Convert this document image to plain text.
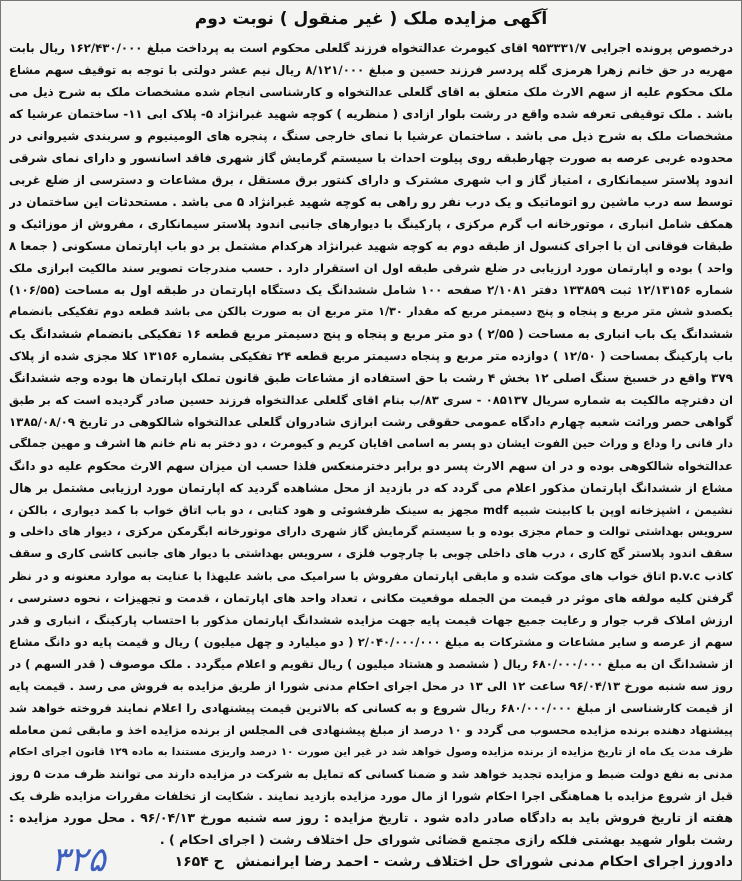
آگهی مزایده ملک ( غیر منقول ) نوبت دوم
درخصوص پرونده اجرایی ۹۵۳۳۳۱/۷ اقای کیومرث عدالتخواه فرزند گلعلی محکوم است به پرداخت مبلغ ۱۶۲/۴۳۰/۰۰۰ ریال بابت
مهریه در حق خانم زهرا هرمزی گله پردسر فرزند حسین و مبلغ ۸/۱۲۱/۰۰۰ ریال نیم عشر دولتی با توجه به توقیف سهم مشاع
ملک محکوم علیه از سهم الارث ملک متعلق به اقای گلعلی عدالتخواه و کارشناسی انجام شده مشخصات ملک به شرح ذیل می
باشد . ملک توقیفی تعرفه شده واقع در رشت بلوار ازادی ( منظریه ) کوچه شهید غبرانژاد ۵- پلاک ابی ۱۱- ساختمان عرشیا که
مشخصات ملک به شرح ذیل می باشد . ساختمان عرشیا با نمای خارجی سنگ ، پنجره های الومینیوم و سربندی شیروانی در
محدوده غربی عرصه به صورت چهارطبقه روی پیلوت احداث با سیستم گرمایش گاز شهری فاقد اسانسور و دارای نمای شرقی
اندود پلاستر سیمانکاری ، امتیاز گاز و اب شهری مشترک و دارای کنتور برق مستقل ، برق مشاعات و دسترسی از ضلع غربی
توسط سه درب ماشین رو اتوماتیک و یک درب نفر رو راهی به کوچه شهید غبرانژاد ۵ می باشد . مستحدثات این ساختمان در
همکف شامل انباری ، موتورخانه اب گرم مرکزی ، پارکینگ با دیوارهای جانبی اندود پلاستر سیمانکاری ، مفروش از موزائیک و
طبقات فوقانی ان با اجرای کنسول از طبقه دوم به کوچه شهید غبرانژاد هرکدام مشتمل بر دو باب اپارتمان مسکونی ( جمعا ۸
واحد ) بوده و اپارتمان مورد ارزیابی در ضلع شرقی طبقه اول ان استقرار دارد . حسب مندرجات تصویر سند مالکیت ابرازی ملک
شماره ۱۲/۱۳۱۵۶ ثبت ۱۳۳۸۵۹ دفتر ۲/۱۰۸۱ صفحه ۱۰۰ شامل ششدانگ یک دستگاه اپارتمان در طبقه اول به مساحت (۱۰۶/۵۵)
یکصدو شش متر مربع و پنجاه و پنج دسیمتر مربع که مقدار ۱/۳۰ متر مربع ان به صورت بالکن می باشد قطعه دوم تفکیکی بانضمام
ششدانگ یک باب انباری به مساحت ( ۲/۵۵ ) دو متر مربع و پنجاه و پنج دسیمتر مربع قطعه ۱۶ تفکیکی بانضمام ششدانگ یک
باب پارکینگ بمساحت ( ۱۲/۵۰ ) دوازده متر مربع و پنجاه دسیمتر مربع قطعه ۲۴ تفکیکی بشماره ۱۳۱۵۶ کلا مجزی شده از پلاک
۳۷۹ واقع در خسبخ سنگ اصلی ۱۲ بخش ۴ رشت با حق استفاده از مشاعات طبق قانون تملک اپارتمان ها بوده وجه ششدانگ
ان دفترچه مالکیت به شماره سریال ۰۸۵۱۳۷ - سری ۸۳/ب بنام اقای گلعلی عدالتخواه فرزند حسین صادر گردیده است که بر طبق
گواهی حصر وراثت شعبه چهارم دادگاه عمومی حقوقی رشت ابرازی شادروان گلعلی عدالتخواه شالکوهی در تاریخ ۱۳۸۵/۰۸/۰۹
دار فانی را وداع و وراث حین الفوت ایشان دو پسر به اسامی اقایان کریم و کیومرث ، دو دختر به نام خانم ها اشرف و مهین جملگی
عدالتخواه شالکوهی بوده و در ان سهم الارث پسر دو برابر دخترمنعکس فلذا حسب ان میزان سهم الارث محکوم علیه دو دانگ
مشاع از ششدانگ اپارتمان مذکور اعلام می گردد که در بازدید از محل مشاهده گردید که اپارتمان مورد ارزیابی مشتمل بر هال
نشیمن ، اشپزخانه اوپن با کابینت شبیه mdf مجهز به سینک ظرفشوئی و هود کتابی ، دو باب اتاق خواب با کمد دیواری ، بالکن ،
سرویس بهداشتی توالت و حمام مجزی بوده و با سیستم گرمایش گاز شهری دارای موتورخانه ابگرمکن مرکزی ، دیوار های داخلی و
سقف اندود پلاستر گچ کاری ، درب های داخلی چوبی با چارچوب فلزی ، سرویس بهداشتی با دیوار های جانبی کاشی کاری و سقف
کاذب p.v.c اتاق خواب های موکت شده و مابقی اپارتمان مفروش با سرامیک می باشد علیهذا با عنایت به موارد معنونه و در نظر
گرفتن کلیه مولفه های موثر در قیمت من الجمله موقعیت مکانی ، تعداد واحد های اپارتمان ، قدمت و تجهیزات ، نحوه دسترسی ،
ارزش املاک قرب جوار و رعایت جمیع جهات قیمت پایه جهت مزایده ششدانگ اپارتمان مذکور با احتساب پارکینگ ، انباری و قدر
سهم از عرصه و سایر مشاعات و مشترکات به مبلغ ۲/۰۴۰/۰۰۰/۰۰۰ ( دو میلیارد و چهل میلیون ) ریال و قیمت پایه دو دانگ مشاع
از ششدانگ ان به مبلغ ۶۸۰/۰۰۰/۰۰۰ ریال ( ششصد و هشتاد میلیون ) ریال تقویم و اعلام میگردد . ملک موصوف ( قدر السهم ) در
روز سه شنبه مورخ ۹۶/۰۴/۱۳ ساعت ۱۲ الی ۱۳ در محل اجرای احکام مدنی شورا از طریق مزایده به فروش می رسد . قیمت پایه
از قیمت کارشناسی از مبلغ ۶۸۰/۰۰۰/۰۰۰ ریال شروع و به کسانی که بالاترین قیمت پیشنهادی را اعلام نمایند فروخته خواهد شد
پیشنهاد دهنده برنده مزایده محسوب می گردد و ۱۰ درصد از مبلغ پیشنهادی فی المجلس از برنده مزایده اخذ و مابقی ثمن معامله
ظرف مدت یک ماه از تاریخ مزایده از برنده مزایده وصول خواهد شد در غیر این صورت ۱۰ درصد واریزی مستندا به ماده ۱۲۹ قانون اجرای احکام
مدنی به نفع دولت ضبط و مزایده تجدید خواهد شد و ضمنا کسانی که تمایل به شرکت در مزایده دارند می توانند ظرف مدت ۵ روز
قبل از شروع مزایده با هماهنگی اجرا احکام شورا از مال مورد مزایده بازدید نمایند . شکایت از تخلفات مقررات مزایده ظرف یک
هفته از تاریخ فروش باید به دادگاه صادر داده شود . تاریخ مزایده : روز سه شنبه مورخ ۹۶/۰۴/۱۳ . محل مورد مزایده :
رشت بلوار شهید بهشتی فلکه رازی مجتمع قضائی شورای حل اختلاف رشت ( اجرای احکام ) .
دادورز اجرای احکام مدنی شورای حل اختلاف رشت - احمد رضا ایرانمنش
ح ۱۶۵۴
۳۲۵
